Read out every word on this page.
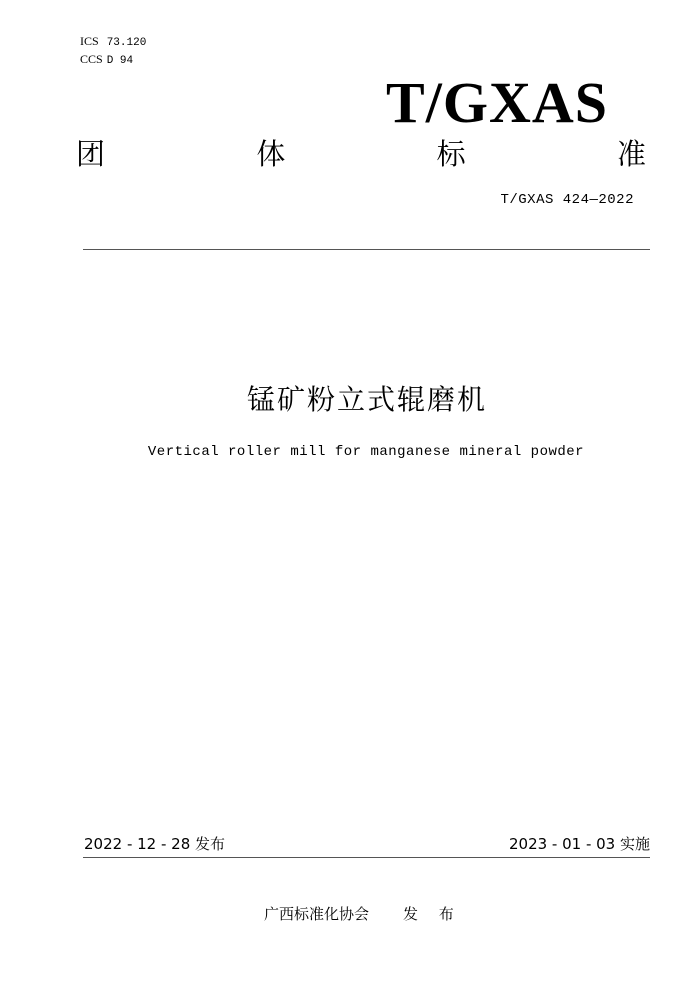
ICS 73.120
CCS D 94
T/GXAS
团	体	标	准
T/GXAS 424—2022
锰矿粉立式辊磨机
Vertical roller mill for manganese mineral powder
2022 - 12 - 28 发布	2023 - 01 - 03 实施
广西标准化协会 发 布
